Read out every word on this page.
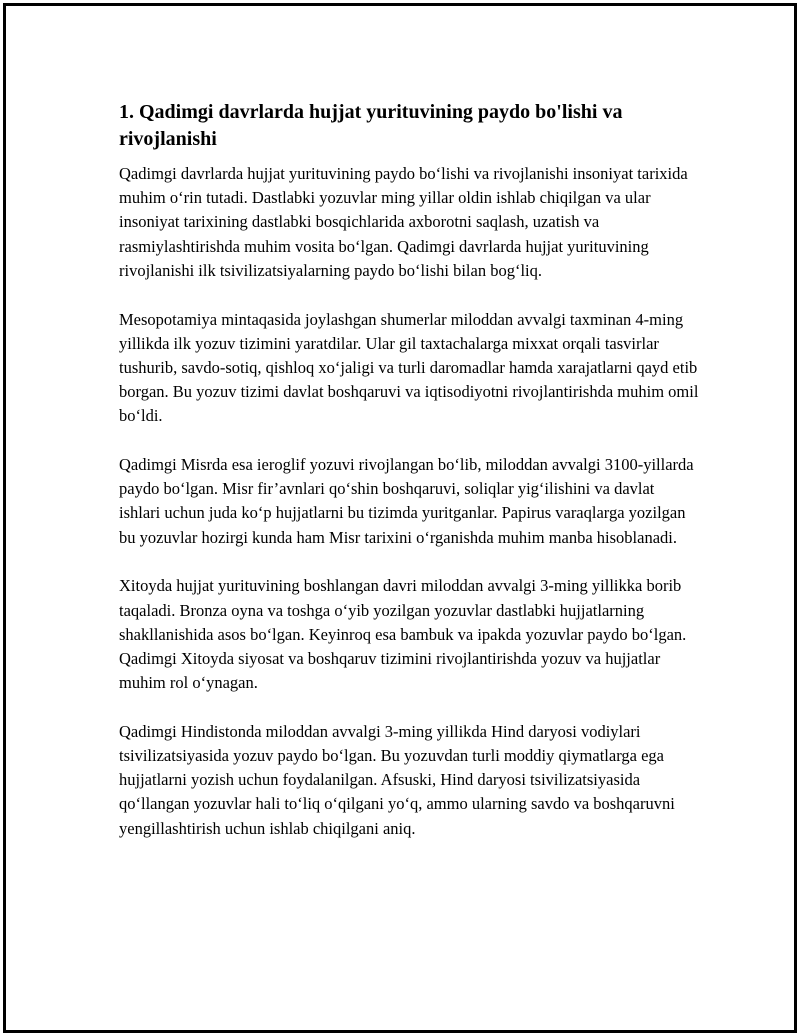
1. Qadimgi davrlarda hujjat yurituvining paydo bo'lishi va rivojlanishi

Qadimgi davrlarda hujjat yurituvining paydo bo‘lishi va rivojlanishi insoniyat tarixida muhim o‘rin tutadi. Dastlabki yozuvlar ming yillar oldin ishlab chiqilgan va ular insoniyat tarixining dastlabki bosqichlarida axborotni saqlash, uzatish va rasmiylashtirishda muhim vosita bo‘lgan. Qadimgi davrlarda hujjat yurituvining rivojlanishi ilk tsivilizatsiyalarning paydo bo‘lishi bilan bog‘liq.

Mesopotamiya mintaqasida joylashgan shumerlar miloddan avvalgi taxminan 4-ming yillikda ilk yozuv tizimini yaratdilar. Ular gil taxtachalarga mixxat orqali tasvirlar tushurib, savdo-sotiq, qishloq xo‘jaligi va turli daromadlar hamda xarajatlarni qayd etib borgan. Bu yozuv tizimi davlat boshqaruvi va iqtisodiyotni rivojlantirishda muhim omil bo‘ldi.

Qadimgi Misrda esa ieroglif yozuvi rivojlangan bo‘lib, miloddan avvalgi 3100-yillarda paydo bo‘lgan. Misr fir’avnlari qo‘shin boshqaruvi, soliqlar yig‘ilishini va davlat ishlari uchun juda ko‘p hujjatlarni bu tizimda yuritganlar. Papirus varaqlarga yozilgan bu yozuvlar hozirgi kunda ham Misr tarixini o‘rganishda muhim manba hisoblanadi.

Xitoyda hujjat yurituvining boshlangan davri miloddan avvalgi 3-ming yillikka borib taqaladi. Bronza oyna va toshga o‘yib yozilgan yozuvlar dastlabki hujjatlarning shakllanishida asos bo‘lgan. Keyinroq esa bambuk va ipakda yozuvlar paydo bo‘lgan. Qadimgi Xitoyda siyosat va boshqaruv tizimini rivojlantirishda yozuv va hujjatlar muhim rol o‘ynagan.

Qadimgi Hindistonda miloddan avvalgi 3-ming yillikda Hind daryosi vodiylari tsivilizatsiyasida yozuv paydo bo‘lgan. Bu yozuvdan turli moddiy qiymatlarga ega hujjatlarni yozish uchun foydalanilgan. Afsuski, Hind daryosi tsivilizatsiyasida qo‘llangan yozuvlar hali to‘liq o‘qilgani yo‘q, ammo ularning savdo va boshqaruvni yengillashtirish uchun ishlab chiqilgani aniq.
